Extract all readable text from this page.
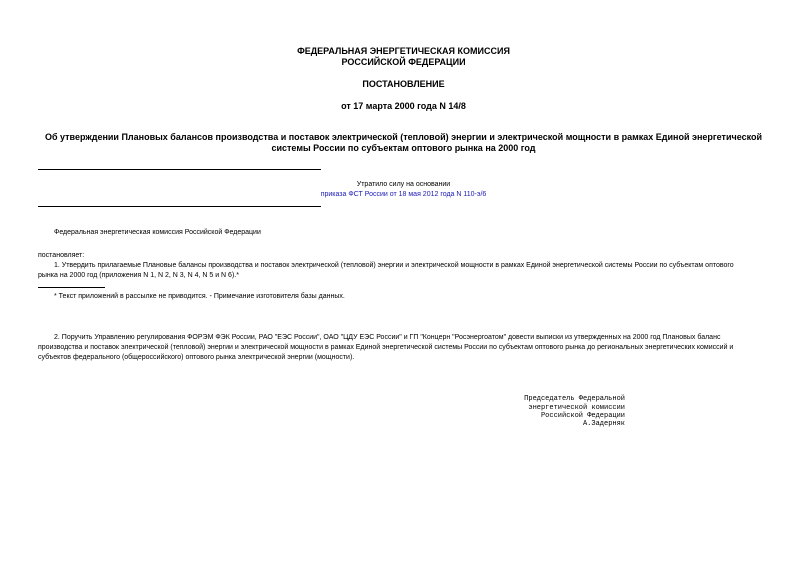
ФЕДЕРАЛЬНАЯ ЭНЕРГЕТИЧЕСКАЯ КОМИССИЯ
РОССИЙСКОЙ ФЕДЕРАЦИИ
ПОСТАНОВЛЕНИЕ
от 17 марта 2000 года N 14/8
Об утверждении Плановых балансов производства и поставок электрической (тепловой) энергии и электрической мощности в рамках Единой энергетической
системы России по субъектам оптового рынка на 2000 год
Утратило силу на основании
приказа ФСТ России от 18 мая 2012 года N 110-э/6
Федеральная энергетическая комиссия Российской Федерации
постановляет:
1. Утвердить прилагаемые Плановые балансы производства и поставок электрической (тепловой) энергии и электрической мощности в рамках Единой энергетической системы России по субъектам оптового
рынка на 2000 год (приложения N 1, N 2, N 3, N 4, N 5 и N 6).*
* Текст приложений в рассылке не приводится. - Примечание изготовителя базы данных.
2. Поручить Управлению регулирования ФОРЭМ ФЭК России, РАО "ЕЭС России", ОАО "ЦДУ ЕЭС России" и ГП "Концерн "Росэнергоатом" довести выписки из утвержденных на 2000 год Плановых баланс
производства и поставок электрической (тепловой) энергии и электрической мощности в рамках Единой энергетической системы России по субъектам оптового рынка до региональных энергетических комиссий и
субъектов федерального (общероссийского) оптового рынка электрической энергии (мощности).
Председатель Федеральной
энергетической комиссии
Российской Федерации
А.Задерняк
